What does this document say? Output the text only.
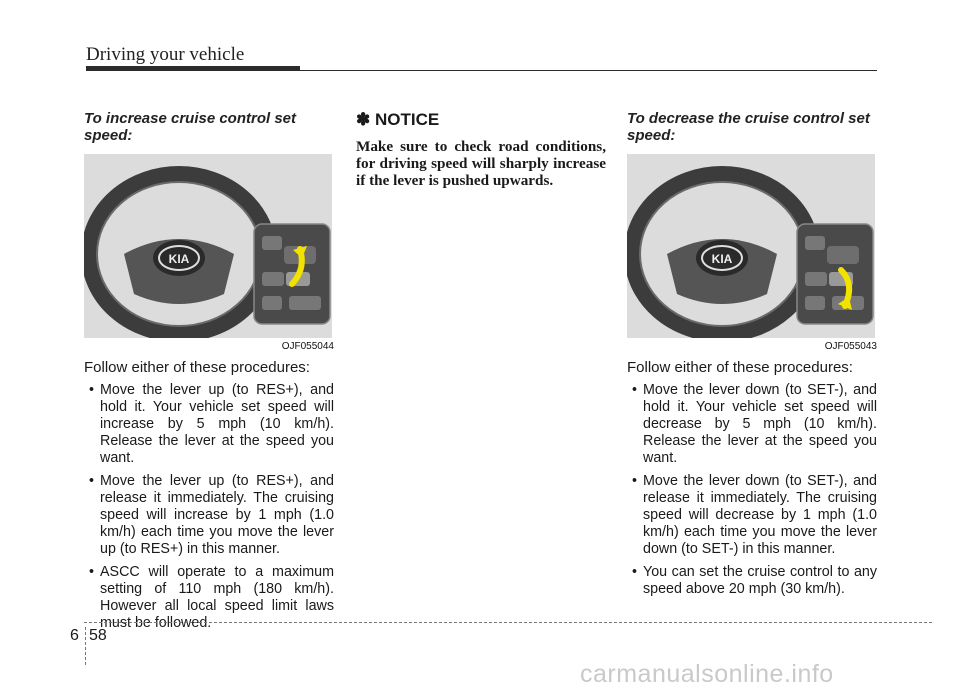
Driving your vehicle

To increase cruise control set speed:

KIA
OJF055044
Follow either of these procedures:
• Move the lever up (to RES+), and hold it. Your vehicle set speed will increase by 5 mph (10 km/h). Release the lever at the speed you want.
• Move the lever up (to RES+), and release it immediately. The cruising speed will increase by 1 mph (1.0 km/h) each time you move the lever up (to RES+) in this manner.
• ASCC will operate to a maximum setting of 110 mph (180 km/h). However all local speed limit laws must be followed.

✽ NOTICE

Make sure to check road conditions, for driving speed will sharply increase if the lever is pushed upwards.

To decrease the cruise control set speed:

KIA
OJF055043
Follow either of these procedures:
• Move the lever down (to SET-), and hold it. Your vehicle set speed will decrease by 5 mph (10 km/h). Release the lever at the speed you want.
• Move the lever down (to SET-), and release it immediately. The cruising speed will decrease by 1 mph (1.0 km/h) each time you move the lever down (to SET-) in this manner.
• You can set the cruise control to any speed above 20 mph (30 km/h).
6 58
carmanualsonline.info
